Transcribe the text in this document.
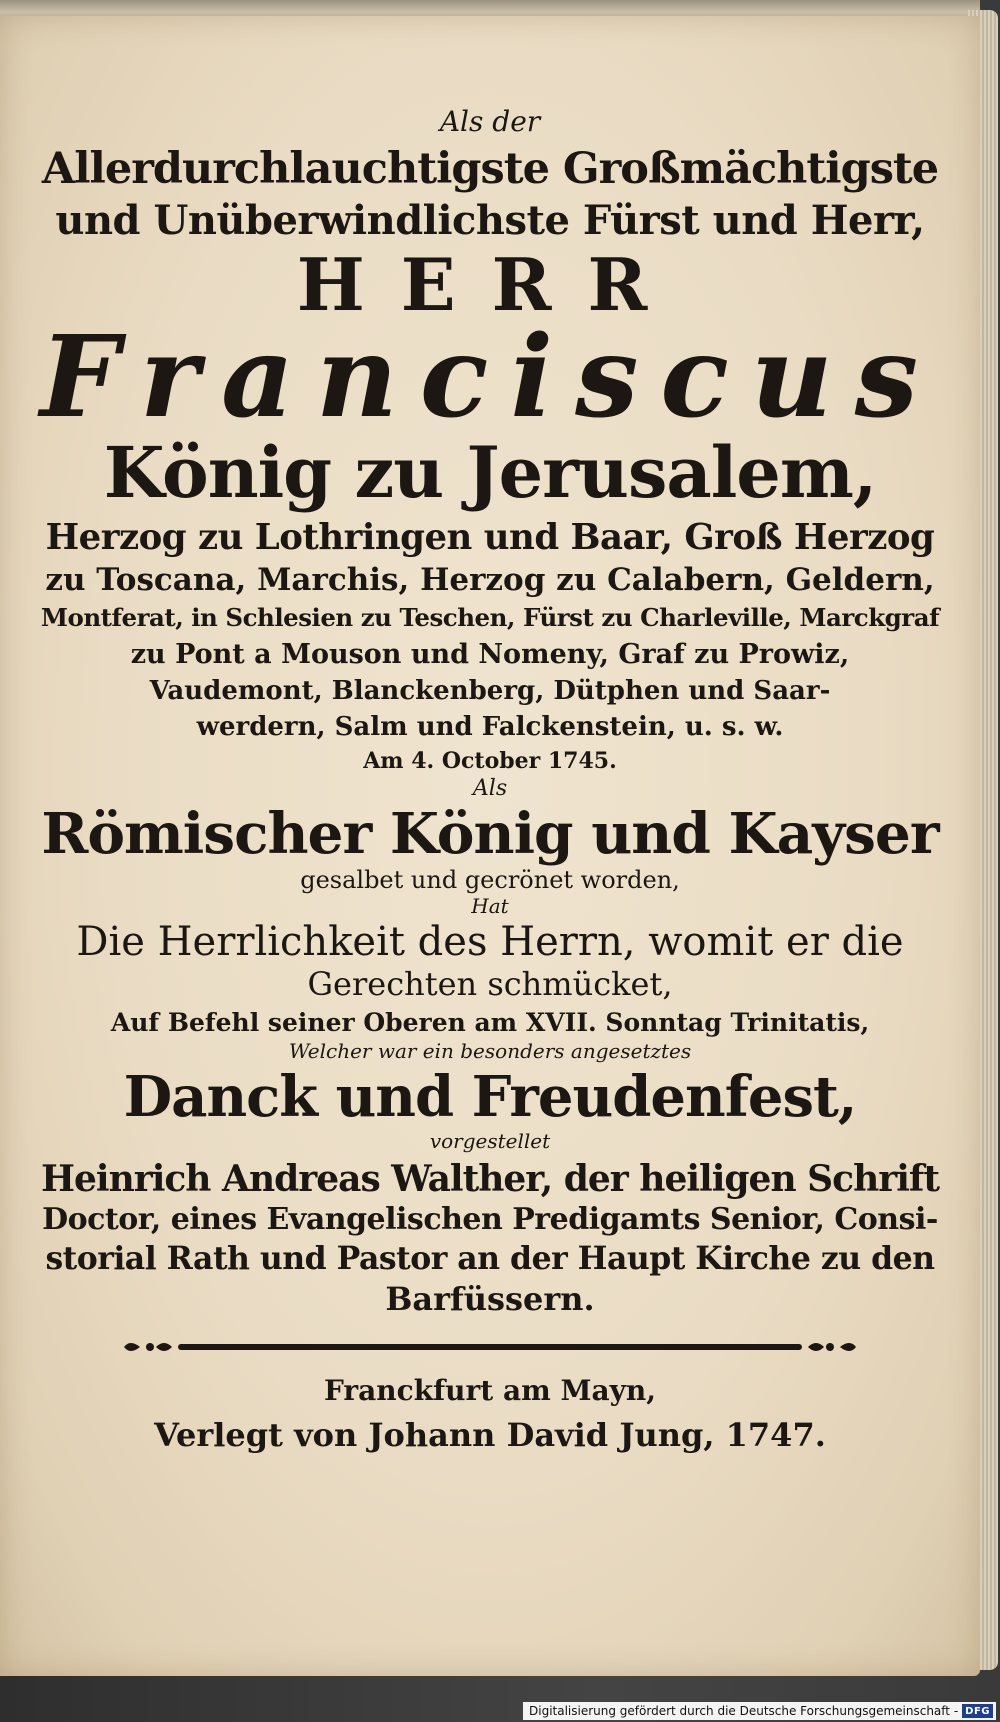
Als der
Allerdurchlauchtigste Großmächtigste
und Unüberwindlichste Fürst und Herr,
HERR
Franciscus
König zu Jerusalem,
Herzog zu Lothringen und Baar, Groß Herzog
zu Toscana, Marchis, Herzog zu Calabern, Geldern,
Montferat, in Schlesien zu Teschen, Fürst zu Charleville, Marckgraf
zu Pont a Mouson und Nomeny, Graf zu Prowiz,
Vaudemont, Blanckenberg, Dütphen und Saar-
werdern, Salm und Falckenstein, u. s. w.
Am 4. October 1745.
Als
Römischer König und Kayser
gesalbet und gecrönet worden,
Hat
Die Herrlichkeit des Herrn, womit er die
Gerechten schmücket,
Auf Befehl seiner Oberen am XVII. Sonntag Trinitatis,
Welcher war ein besonders angesetztes
Danck und Freudenfest,
vorgestellet
Heinrich Andreas Walther, der heiligen Schrift
Doctor, eines Evangelischen Predigamts Senior, Consi-
storial Rath und Pastor an der Haupt Kirche zu den
Barfüssern.
Franckfurt am Mayn,
Verlegt von Johann David Jung, 1747.
Digitalisierung gefördert durch die Deutsche Forschungsgemeinschaft - DFG
